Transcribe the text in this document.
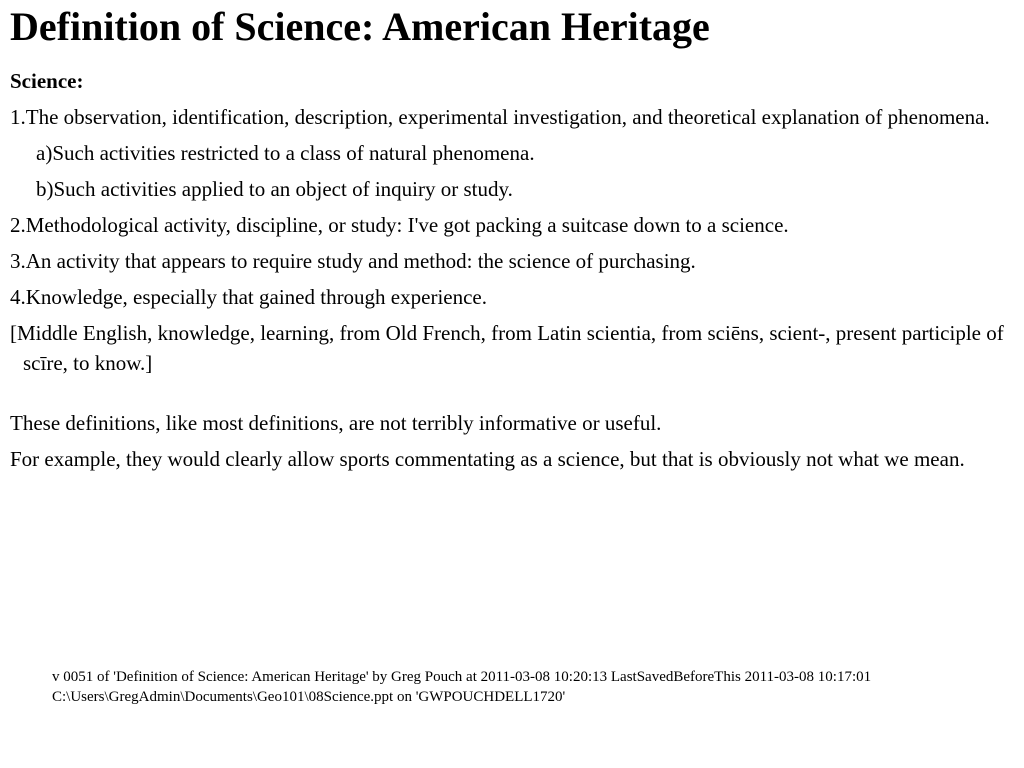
Definition of Science: American Heritage

Science:

1.The observation, identification, description, experimental investigation, and theoretical explanation of phenomena.

a)Such activities restricted to a class of natural phenomena.

b)Such activities applied to an object of inquiry or study.

2.Methodological activity, discipline, or study: I've got packing a suitcase down to a science.

3.An activity that appears to require study and method: the science of purchasing.

4.Knowledge, especially that gained through experience.

[Middle English, knowledge, learning, from Old French, from Latin scientia, from sciēns, scient-, present participle of scīre, to know.]

These definitions, like most definitions, are not terribly informative or useful.

For example, they would clearly allow sports commentating as a science, but that is obviously not what we mean.

v 0051 of 'Definition of Science: American Heritage' by Greg Pouch at 2011-03-08 10:20:13 LastSavedBeforeThis 2011-03-08 10:17:01
C:\Users\GregAdmin\Documents\Geo101\08Science.ppt on 'GWPOUCHDELL1720'
